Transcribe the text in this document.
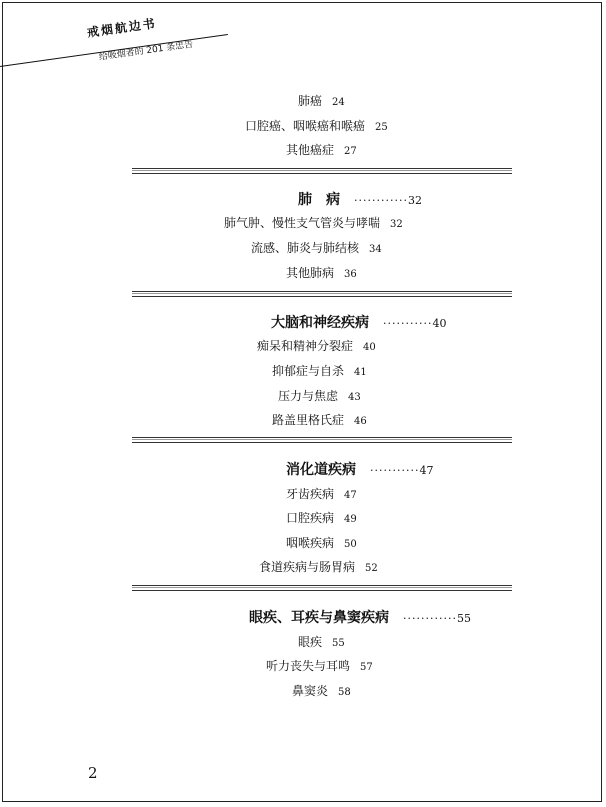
戒烟航边书
给吸烟者的 201 条忠告
肺癌 24
口腔癌、咽喉癌和喉癌 25
其他癌症 27
肺　病 ············32
肺气肿、慢性支气管炎与哮喘 32
流感、肺炎与肺结核 34
其他肺病 36
大脑和神经疾病 ···········40
痴呆和精神分裂症 40
抑郁症与自杀 41
压力与焦虑 43
路盖里格氏症 46
消化道疾病 ···········47
牙齿疾病 47
口腔疾病 49
咽喉疾病 50
食道疾病与肠胃病 52
眼疾、耳疾与鼻窦疾病 ············55
眼疾 55
听力丧失与耳鸣 57
鼻窦炎 58
2
